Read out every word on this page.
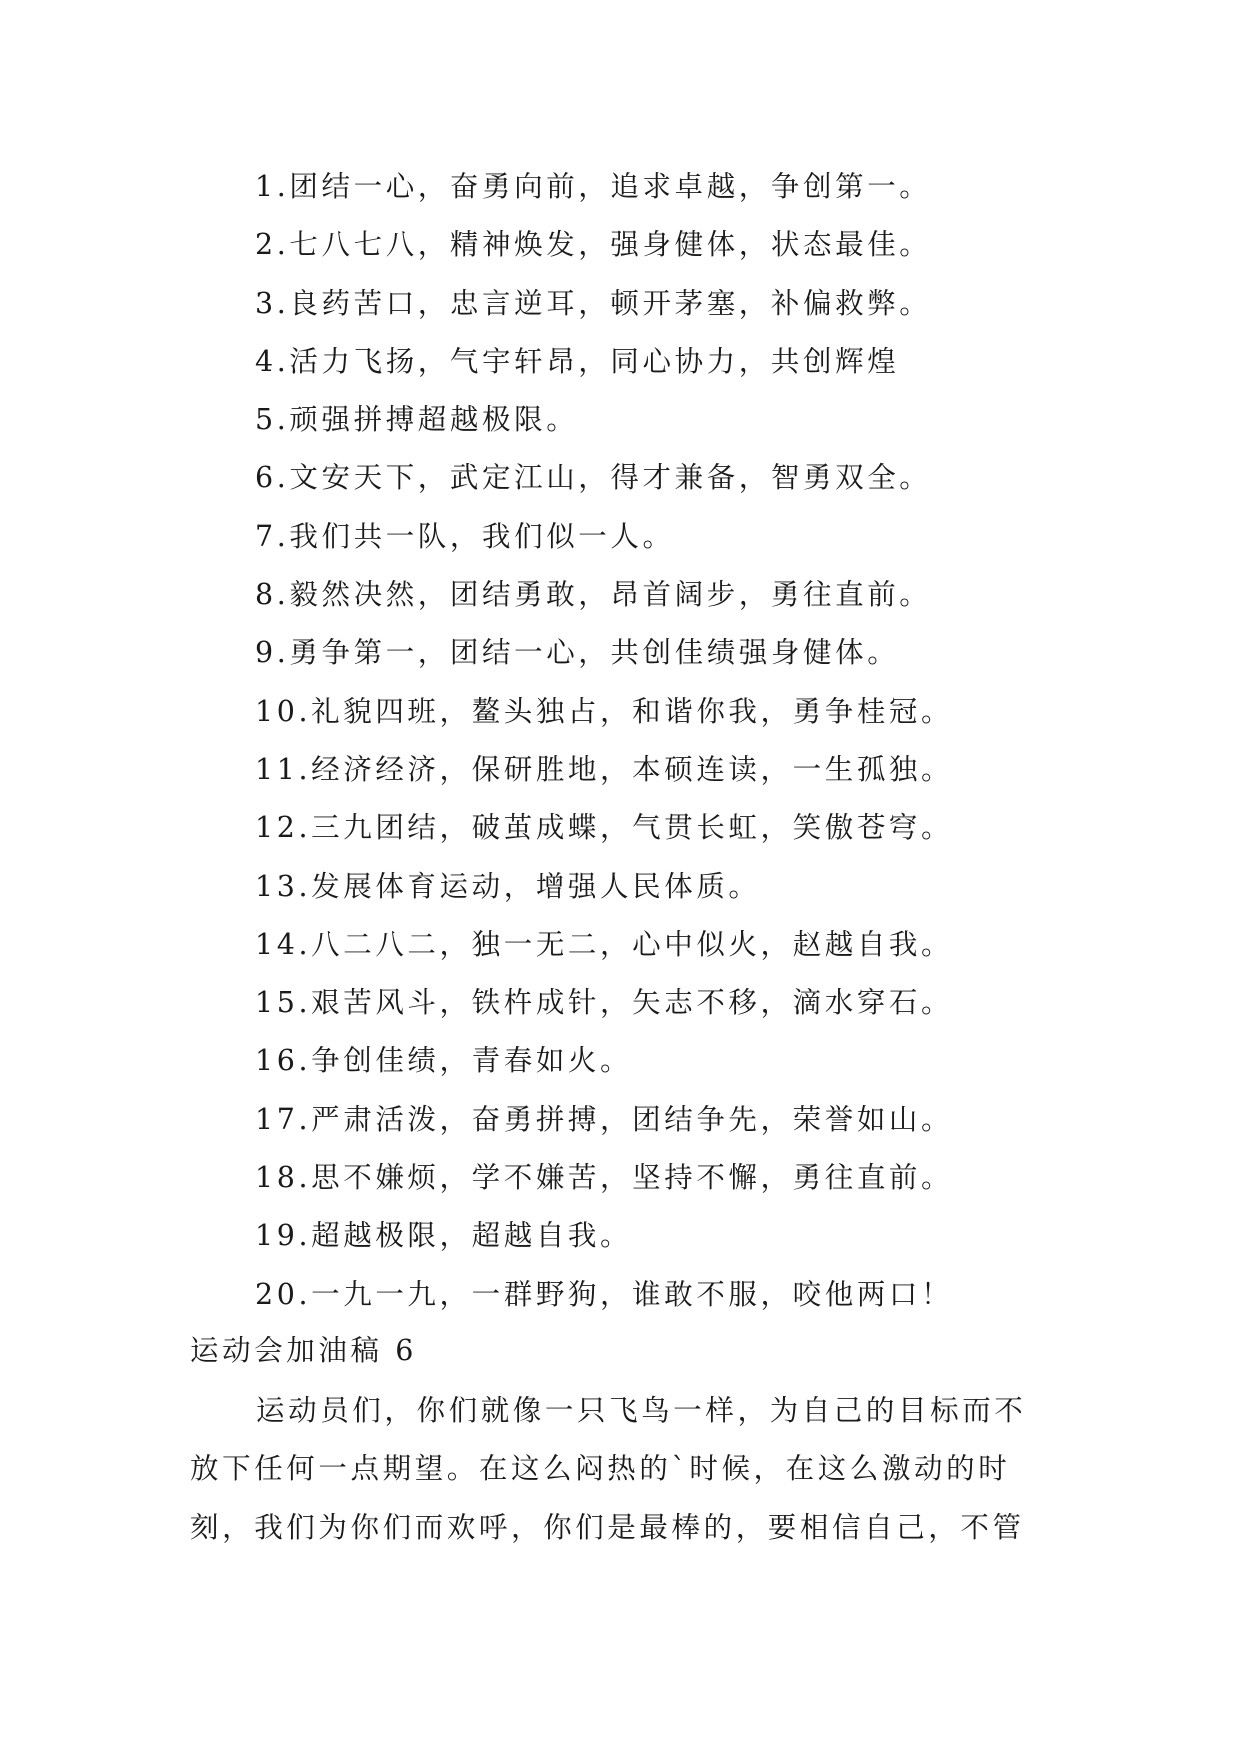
1.团结一心，奋勇向前，追求卓越，争创第一。
2.七八七八，精神焕发，强身健体，状态最佳。
3.良药苦口，忠言逆耳，顿开茅塞，补偏救弊。
4.活力飞扬，气宇轩昂，同心协力，共创辉煌
5.顽强拼搏超越极限。
6.文安天下，武定江山，得才兼备，智勇双全。
7.我们共一队，我们似一人。
8.毅然决然，团结勇敢，昂首阔步，勇往直前。
9.勇争第一，团结一心，共创佳绩强身健体。
10.礼貌四班，鳌头独占，和谐你我，勇争桂冠。
11.经济经济，保研胜地，本硕连读，一生孤独。
12.三九团结，破茧成蝶，气贯长虹，笑傲苍穹。
13.发展体育运动，增强人民体质。
14.八二八二，独一无二，心中似火，赵越自我。
15.艰苦风斗，铁杵成针，矢志不移，滴水穿石。
16.争创佳绩，青春如火。
17.严肃活泼，奋勇拼搏，团结争先，荣誉如山。
18.思不嫌烦，学不嫌苦，坚持不懈，勇往直前。
19.超越极限，超越自我。
20.一九一九，一群野狗，谁敢不服，咬他两口！
运动会加油稿 6

运动员们，你们就像一只飞鸟一样，为自己的目标而不
放下任何一点期望。在这么闷热的`时候，在这么激动的时
刻，我们为你们而欢呼，你们是最棒的，要相信自己，不管
